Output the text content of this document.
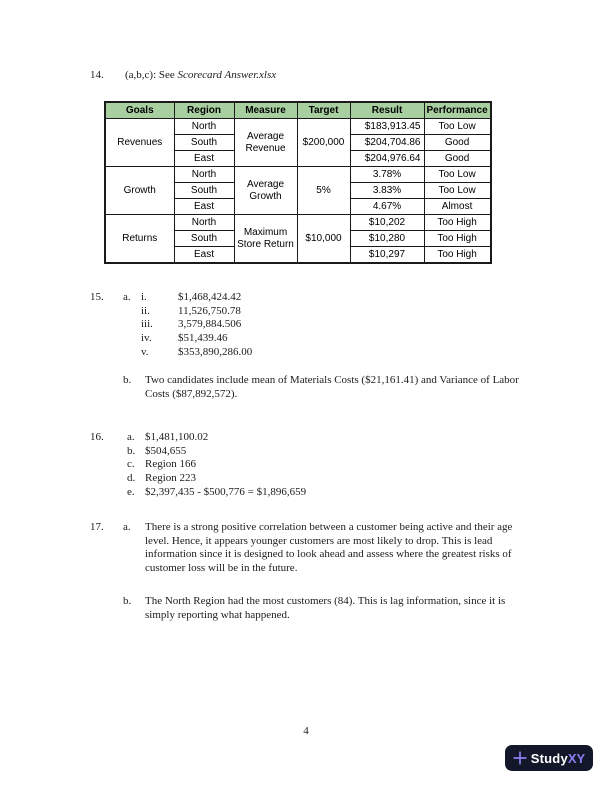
14. (a,b,c): See Scorecard Answer.xlsx
Goals	Region	Measure	Target	Result	Performance
Revenues	North	Average Revenue	$200,000	$183,913.45	Too Low
	South			$204,704.86	Good
	East			$204,976.64	Good
Growth	North	Average Growth	5%	3.78%	Too Low
	South			3.83%	Too Low
	East			4.67%	Almost
Returns	North	Maximum Store Return	$10,000	$10,202	Too High
	South			$10,280	Too High
	East			$10,297	Too High
15. a. i.	$1,468,424.42
ii.	11,526,750.78
iii.	3,579,884.506
iv.	$51,439.46
v.	$353,890,286.00
b. Two candidates include mean of Materials Costs ($21,161.41) and Variance of Labor Costs ($87,892,572).
16. a. $1,481,100.02
b. $504,655
c. Region 166
d. Region 223
e. $2,397,435 - $500,776 = $1,896,659
17. a. There is a strong positive correlation between a customer being active and their age level. Hence, it appears younger customers are most likely to drop. This is lead information since it is designed to look ahead and assess where the greatest risks of customer loss will be in the future.
b. The North Region had the most customers (84). This is lag information, since it is simply reporting what happened.
4
StudyXY
